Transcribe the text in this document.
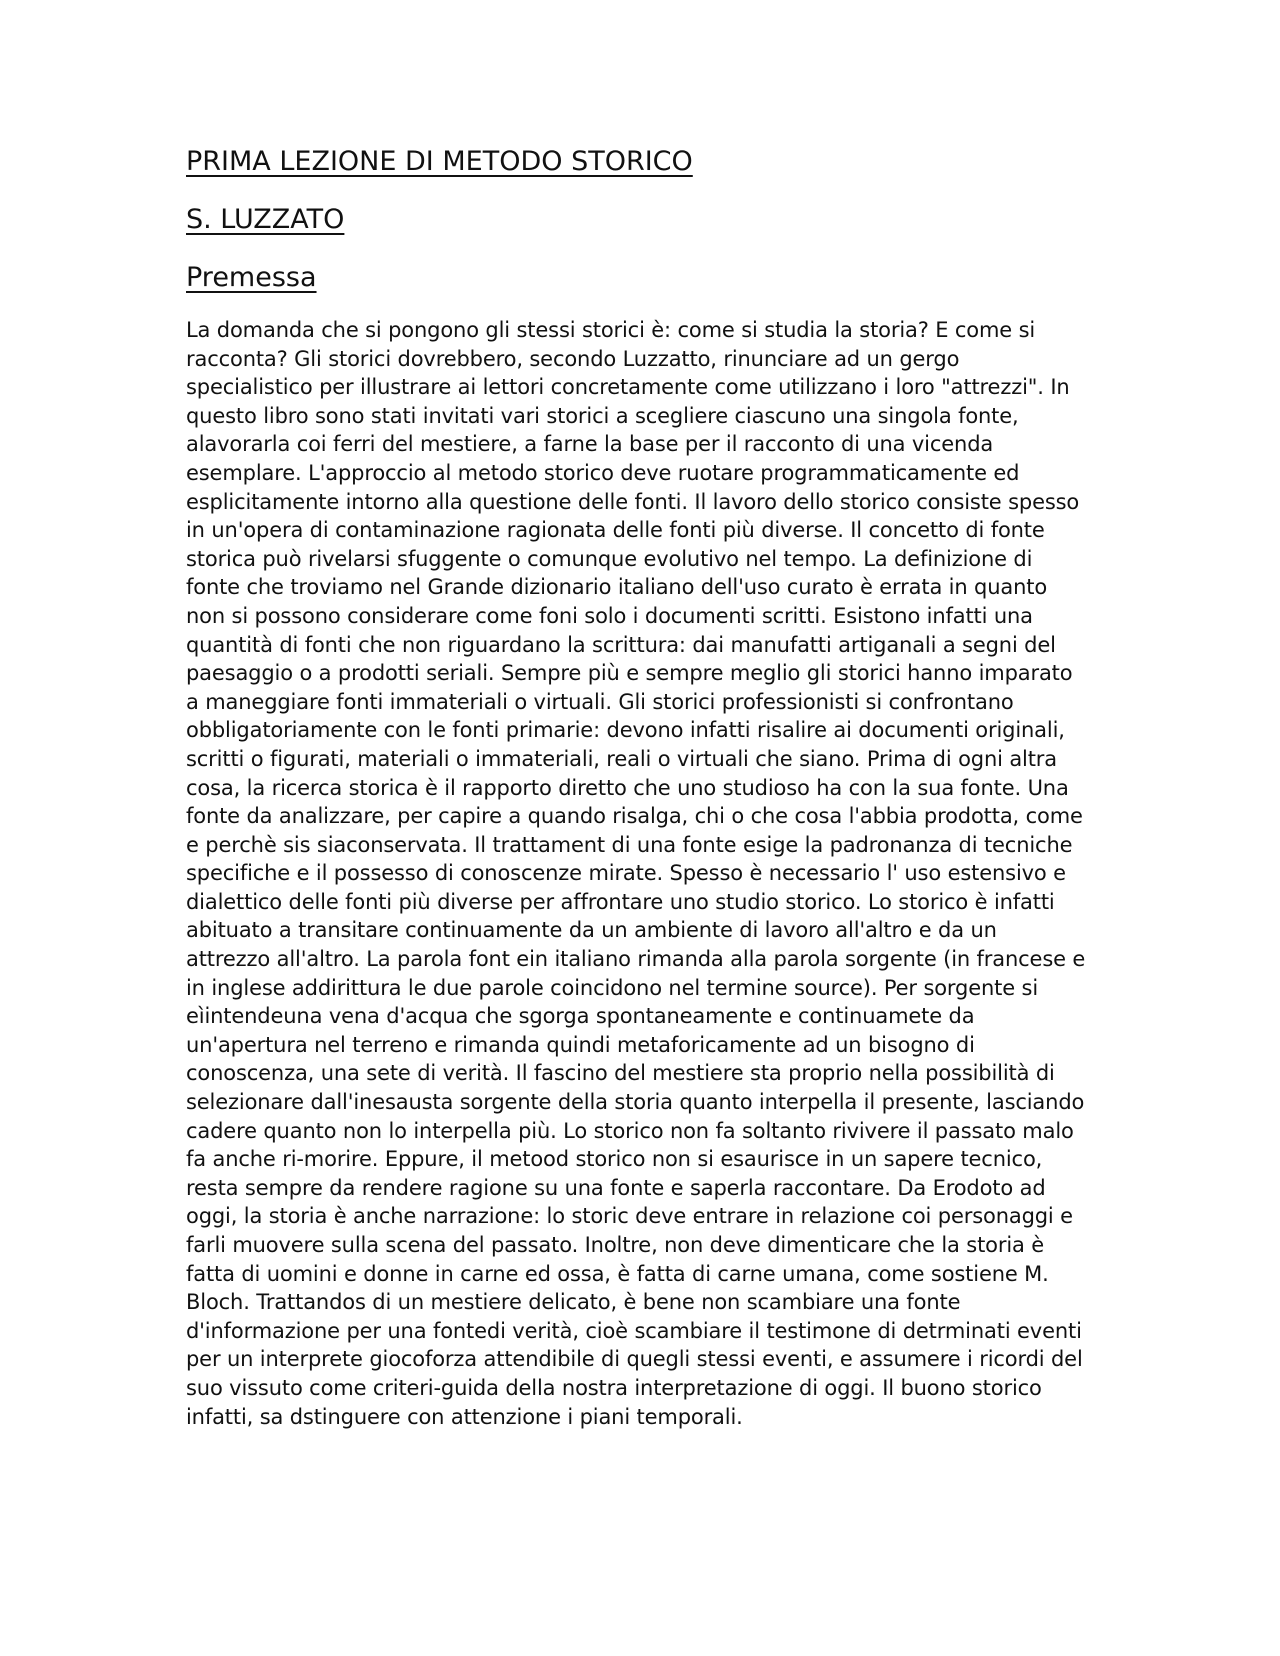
PRIMA LEZIONE DI METODO STORICO
S. LUZZATO
Premessa

La domanda che si pongono gli stessi storici è: come si studia la storia? E come si racconta? Gli storici dovrebbero, secondo Luzzatto, rinunciare ad un gergo specialistico per illustrare ai lettori concretamente come utilizzano i loro "attrezzi". In questo libro sono stati invitati vari storici a scegliere ciascuno una singola fonte, alavorarla coi ferri del mestiere, a farne la base per il racconto di una vicenda esemplare. L'approccio al metodo storico deve ruotare programmaticamente ed esplicitamente intorno alla questione delle fonti. Il lavoro dello storico consiste spesso in un'opera di contaminazione ragionata delle fonti più diverse. Il concetto di fonte storica può rivelarsi sfuggente o comunque evolutivo nel tempo. La definizione di fonte che troviamo nel Grande dizionario italiano dell'uso curato è errata in quanto non si possono considerare come foni solo i documenti scritti. Esistono infatti una quantità di fonti che non riguardano la scrittura: dai manufatti artiganali a segni del paesaggio o a prodotti seriali. Sempre più e sempre meglio gli storici hanno imparato a maneggiare fonti immateriali o virtuali. Gli storici professionisti si confrontano obbligatoriamente con le fonti primarie: devono infatti risalire ai documenti originali, scritti o figurati, materiali o immateriali, reali o virtuali che siano. Prima di ogni altra cosa, la ricerca storica è il rapporto diretto che uno studioso ha con la sua fonte. Una fonte da analizzare, per capire a quando risalga, chi o che cosa l'abbia prodotta, come e perchè sis siaconservata. Il trattament di una fonte esige la padronanza di tecniche specifiche e il possesso di conoscenze mirate. Spesso è necessario l' uso estensivo e dialettico delle fonti più diverse per affrontare uno studio storico. Lo storico è infatti abituato a transitare continuamente da un ambiente di lavoro all'altro e da un attrezzo all'altro. La parola font ein italiano rimanda alla parola sorgente (in francese e in inglese addirittura le due parole coincidono nel termine source). Per sorgente si eìintendeuna vena d'acqua che sgorga spontaneamente e continuamete da un'apertura nel terreno e rimanda quindi metaforicamente ad un bisogno di conoscenza, una sete di verità. Il fascino del mestiere sta proprio nella possibilità di selezionare dall'inesausta sorgente della storia quanto interpella il presente, lasciando cadere quanto non lo interpella più. Lo storico non fa soltanto rivivere il passato malo fa anche ri-morire. Eppure, il metood storico non si esaurisce in un sapere tecnico, resta sempre da rendere ragione su una fonte e saperla raccontare. Da Erodoto ad oggi, la storia è anche narrazione: lo storic deve entrare in relazione coi personaggi e farli muovere sulla scena del passato. Inoltre, non deve dimenticare che la storia è fatta di uomini e donne in carne ed ossa, è fatta di carne umana, come sostiene M. Bloch. Trattandos di un mestiere delicato, è bene non scambiare una fonte d'informazione per una fontedi verità, cioè scambiare il testimone di detrminati eventi per un interprete giocoforza attendibile di quegli stessi eventi, e assumere i ricordi del suo vissuto come criteri-guida della nostra interpretazione di oggi. Il buono storico infatti, sa dstinguere con attenzione i piani temporali.
